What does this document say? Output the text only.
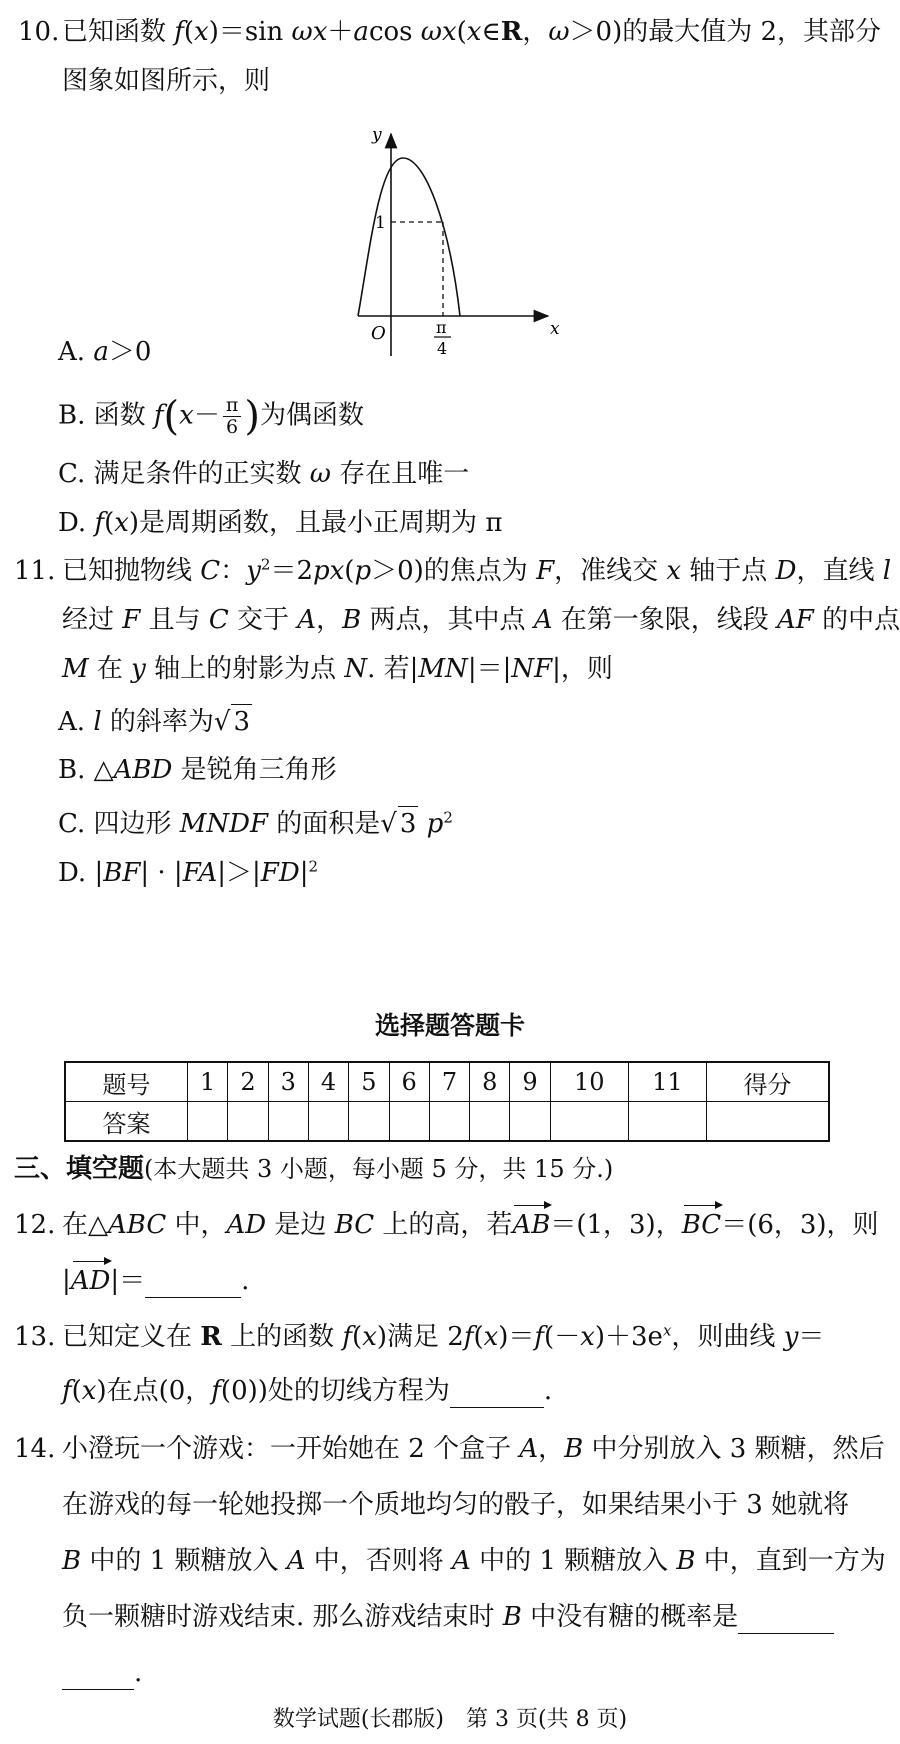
10. 已知函数 f(x)＝sin ωx＋acos ωx(x∈R，ω＞0)的最大值为 2，其部分
图象如图所示，则
y
x
O
1
π
4
A. a＞0
B. 函数 $f(x- \frac{\pi}{6}$ )为偶函数
C. 满足条件的正实数 ω 存在且唯一
D. f(x)是周期函数，且最小正周期为 π
11. 已知抛物线 C：$y^2=2px(p>0)$的焦点为 F，准线交 x 轴于点 D，直线 l
经过 F 且与 C 交于 A，B 两点，其中点 A 在第一象限，线段 AF 的中点
M 在 y 轴上的射影为点 N. 若|MN|＝|NF|，则
A. l 的斜率为√ 3
B. △ABD 是锐角三角形
C. 四边形 MNDF 的面积是√ 3 $p^2$
D. $|BF| \cdot |FA|>|FD|^2$
选择题答题卡
题号	1	2	3	4	5	6	7	8	9	10	11	得分
答案												
三、填空题(本大题共 3 小题，每小题 5 分，共 15 分.)
12. 在△ABC 中，AD 是边 BC 上的高，若AB＝(1，3)，BC＝(6，3)，则
|AD|＝	.
13. 已知定义在 R 上的函数 f(x)满足 $2f(x)=f(-x)+3e^x$，则曲线 y＝
f(x)在点(0，f(0))处的切线方程为	.
14. 小澄玩一个游戏：一开始她在 2 个盒子 A，B 中分别放入 3 颗糖，然后
在游戏的每一轮她投掷一个质地均匀的骰子，如果结果小于 3 她就将
B 中的 1 颗糖放入 A 中，否则将 A 中的 1 颗糖放入 B 中，直到一方为
负一颗糖时游戏结束. 那么游戏结束时 B 中没有糖的概率是
.
数学试题(长郡版)　第 3 页(共 8 页)
